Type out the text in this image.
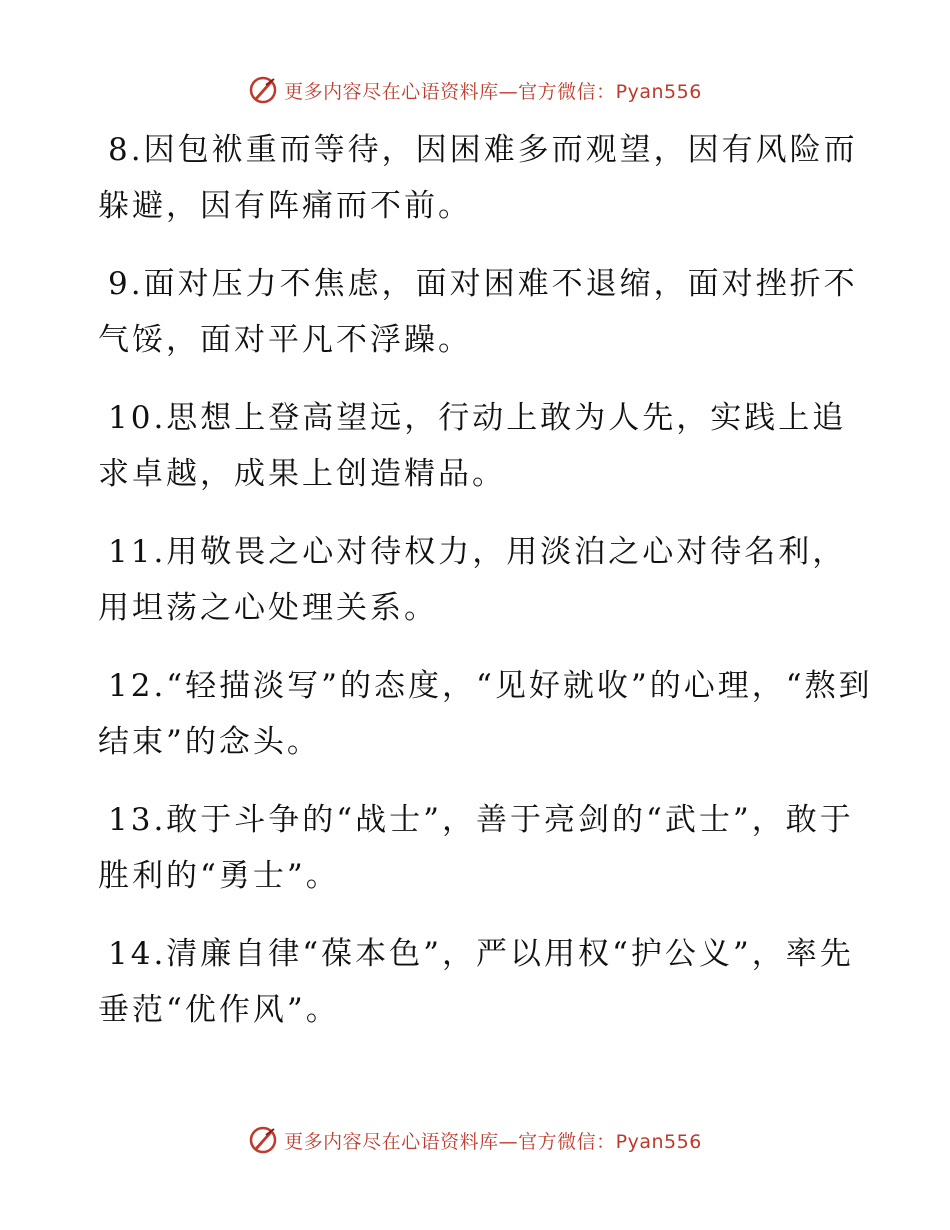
更多内容尽在心语资料库—官方微信：Pyan556

8.因包袱重而等待，因困难多而观望，因有风险而躲避，因有阵痛而不前。

9.面对压力不焦虑，面对困难不退缩，面对挫折不气馁，面对平凡不浮躁。

10.思想上登高望远，行动上敢为人先，实践上追求卓越，成果上创造精品。

11.用敬畏之心对待权力，用淡泊之心对待名利，用坦荡之心处理关系。

12.“轻描淡写”的态度，“见好就收”的心理，“熬到结束”的念头。

13.敢于斗争的“战士”，善于亮剑的“武士”，敢于胜利的“勇士”。

14.清廉自律“葆本色”，严以用权“护公义”，率先垂范“优作风”。

更多内容尽在心语资料库—官方微信：Pyan556
